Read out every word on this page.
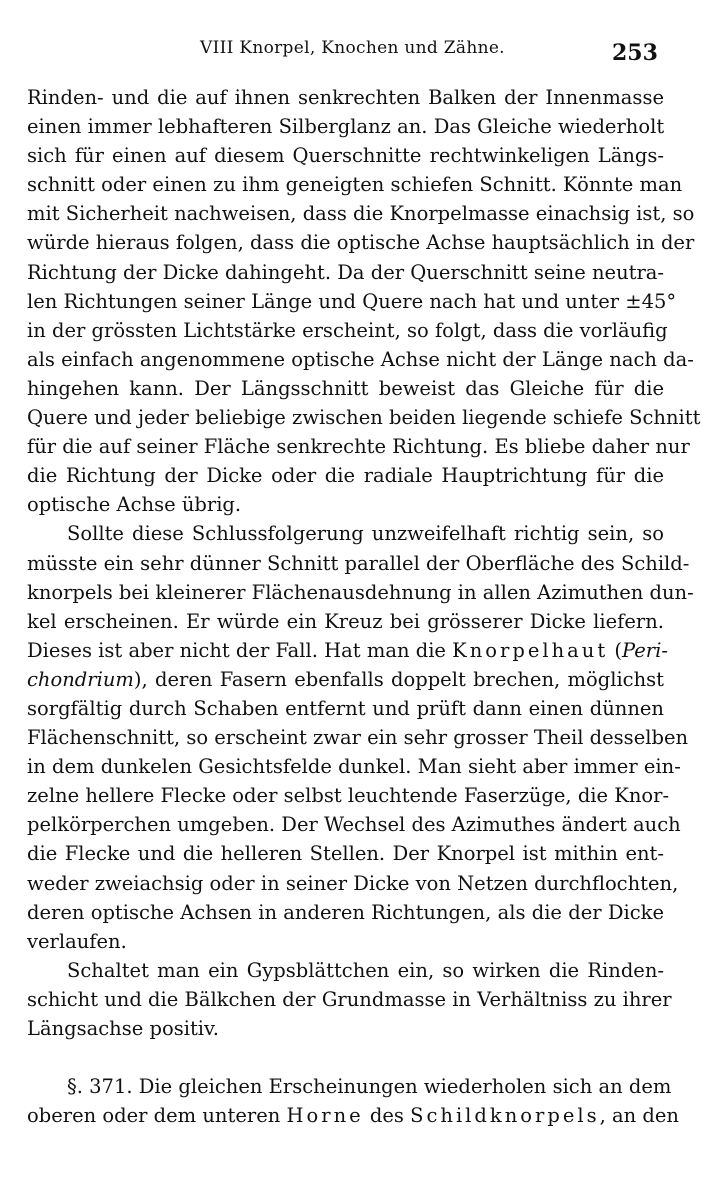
VIII Knorpel, Knochen und Zähne.	253
Rinden- und die auf ihnen senkrechten Balken der Innenmasse
einen immer lebhafteren Silberglanz an. Das Gleiche wiederholt
sich für einen auf diesem Querschnitte rechtwinkeligen Längs-
schnitt oder einen zu ihm geneigten schiefen Schnitt. Könnte man
mit Sicherheit nachweisen, dass die Knorpelmasse einachsig ist, so
würde hieraus folgen, dass die optische Achse hauptsächlich in der
Richtung der Dicke dahingeht. Da der Querschnitt seine neutra-
len Richtungen seiner Länge und Quere nach hat und unter ±45°
in der grössten Lichtstärke erscheint, so folgt, dass die vorläufig
als einfach angenommene optische Achse nicht der Länge nach da-
hingehen kann. Der Längsschnitt beweist das Gleiche für die
Quere und jeder beliebige zwischen beiden liegende schiefe Schnitt
für die auf seiner Fläche senkrechte Richtung. Es bliebe daher nur
die Richtung der Dicke oder die radiale Hauptrichtung für die
optische Achse übrig.
Sollte diese Schlussfolgerung unzweifelhaft richtig sein, so
müsste ein sehr dünner Schnitt parallel der Oberfläche des Schild-
knorpels bei kleinerer Flächenausdehnung in allen Azimuthen dun-
kel erscheinen. Er würde ein Kreuz bei grösserer Dicke liefern.
Dieses ist aber nicht der Fall. Hat man die Knorpelhaut (Peri-
chondrium), deren Fasern ebenfalls doppelt brechen, möglichst
sorgfältig durch Schaben entfernt und prüft dann einen dünnen
Flächenschnitt, so erscheint zwar ein sehr grosser Theil desselben
in dem dunkelen Gesichtsfelde dunkel. Man sieht aber immer ein-
zelne hellere Flecke oder selbst leuchtende Faserzüge, die Knor-
pelkörperchen umgeben. Der Wechsel des Azimuthes ändert auch
die Flecke und die helleren Stellen. Der Knorpel ist mithin ent-
weder zweiachsig oder in seiner Dicke von Netzen durchflochten,
deren optische Achsen in anderen Richtungen, als die der Dicke
verlaufen.
Schaltet man ein Gypsblättchen ein, so wirken die Rinden-
schicht und die Bälkchen der Grundmasse in Verhältniss zu ihrer
Längsachse positiv.
§. 371. Die gleichen Erscheinungen wiederholen sich an dem
oberen oder dem unteren Horne des Schildknorpels, an den
